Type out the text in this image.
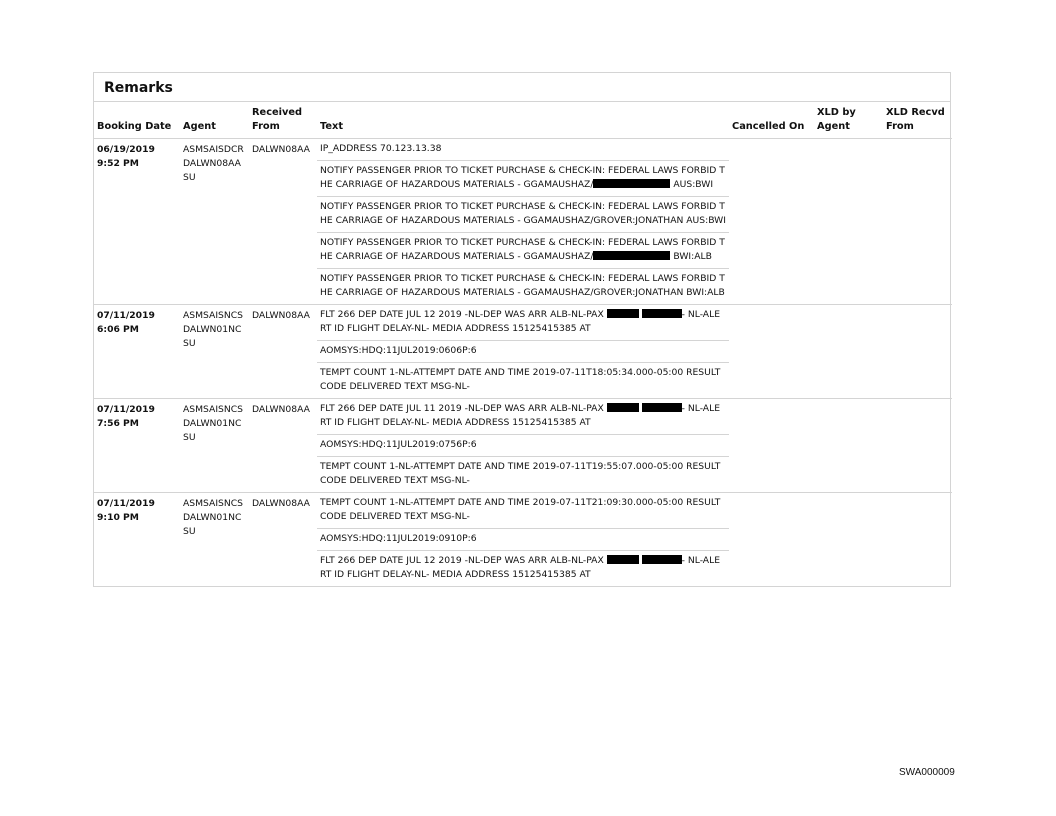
Remarks
Booking Date	Agent	Received From	Text	Cancelled On	XLD by Agent	XLD Recvd From

06/19/2019
9:52 PM	ASMSAISDCR DALWN08AA SU	DALWN08AA	IP_ADDRESS 70.123.13.38			
			NOTIFY PASSENGER PRIOR TO TICKET PURCHASE & CHECK-IN: FEDERAL LAWS FORBID THE CARRIAGE OF HAZARDOUS MATERIALS - GGAMAUSHAZ/ AUS:BWI			
			NOTIFY PASSENGER PRIOR TO TICKET PURCHASE & CHECK-IN: FEDERAL LAWS FORBID THE CARRIAGE OF HAZARDOUS MATERIALS - GGAMAUSHAZ/GROVER:JONATHAN AUS:BWI			
			NOTIFY PASSENGER PRIOR TO TICKET PURCHASE & CHECK-IN: FEDERAL LAWS FORBID THE CARRIAGE OF HAZARDOUS MATERIALS - GGAMAUSHAZ/ BWI:ALB			
			NOTIFY PASSENGER PRIOR TO TICKET PURCHASE & CHECK-IN: FEDERAL LAWS FORBID THE CARRIAGE OF HAZARDOUS MATERIALS - GGAMAUSHAZ/GROVER:JONATHAN BWI:ALB			

07/11/2019
6:06 PM	ASMSAISNCS DALWN01NC SU	DALWN08AA	FLT 266 DEP DATE JUL 12 2019 -NL-DEP WAS ARR ALB-NL-PAX - NL-ALERT ID FLIGHT DELAY-NL- MEDIA ADDRESS 15125415385 AT			
			AOMSYS:HDQ:11JUL2019:0606P:6			
			TEMPT COUNT 1-NL-ATTEMPT DATE AND TIME 2019-07-11T18:05:34.000-05:00 RESULT CODE DELIVERED TEXT MSG-NL-			

07/11/2019
7:56 PM	ASMSAISNCS DALWN01NC SU	DALWN08AA	FLT 266 DEP DATE JUL 11 2019 -NL-DEP WAS ARR ALB-NL-PAX - NL-ALERT ID FLIGHT DELAY-NL- MEDIA ADDRESS 15125415385 AT			
			AOMSYS:HDQ:11JUL2019:0756P:6			
			TEMPT COUNT 1-NL-ATTEMPT DATE AND TIME 2019-07-11T19:55:07.000-05:00 RESULT CODE DELIVERED TEXT MSG-NL-			

07/11/2019
9:10 PM	ASMSAISNCS DALWN01NC SU	DALWN08AA	TEMPT COUNT 1-NL-ATTEMPT DATE AND TIME 2019-07-11T21:09:30.000-05:00 RESULT CODE DELIVERED TEXT MSG-NL-			
			AOMSYS:HDQ:11JUL2019:0910P:6			
			FLT 266 DEP DATE JUL 12 2019 -NL-DEP WAS ARR ALB-NL-PAX - NL-ALERT ID FLIGHT DELAY-NL- MEDIA ADDRESS 15125415385 AT			
SWA000009
